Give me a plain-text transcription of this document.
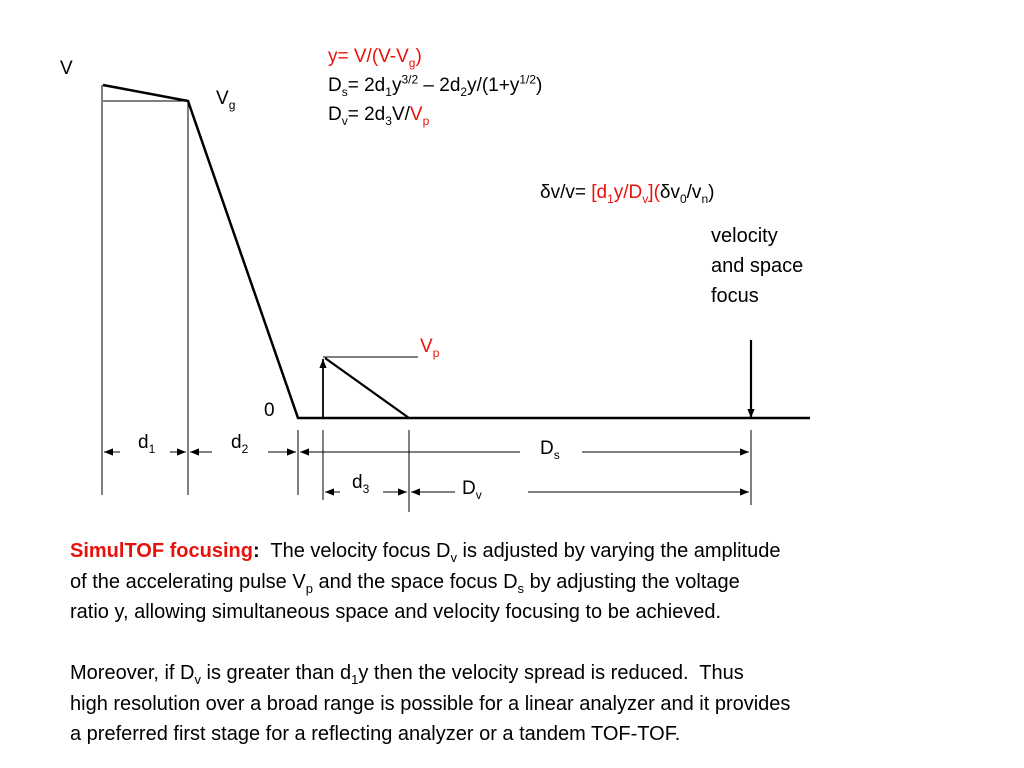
V
$V_g$
$V_p$
0
$d_1$	$d_2$	$D_s$
$d_3$	$D_v$
$y= V/(V-V_g)$
$D_s= 2d_1y^{3/2} - 2d_2y/(1+y^{1/2})$
$D_v= 2d_3V/V_p$
$\delta v/v= [d_1y/D_v](\delta v_0/v_n)$
velocity
and space
focus
SimulTOF focusing:  The velocity focus $D_v$ is adjusted by varying the amplitude
of the accelerating pulse $V_p$ and the space focus $D_s$ by adjusting the voltage
ratio y, allowing simultaneous space and velocity focusing to be achieved.

Moreover, if $D_v$ is greater than $d_1y$ then the velocity spread is reduced.  Thus
high resolution over a broad range is possible for a linear analyzer and it provides
a preferred first stage for a reflecting analyzer or a tandem TOF-TOF.
